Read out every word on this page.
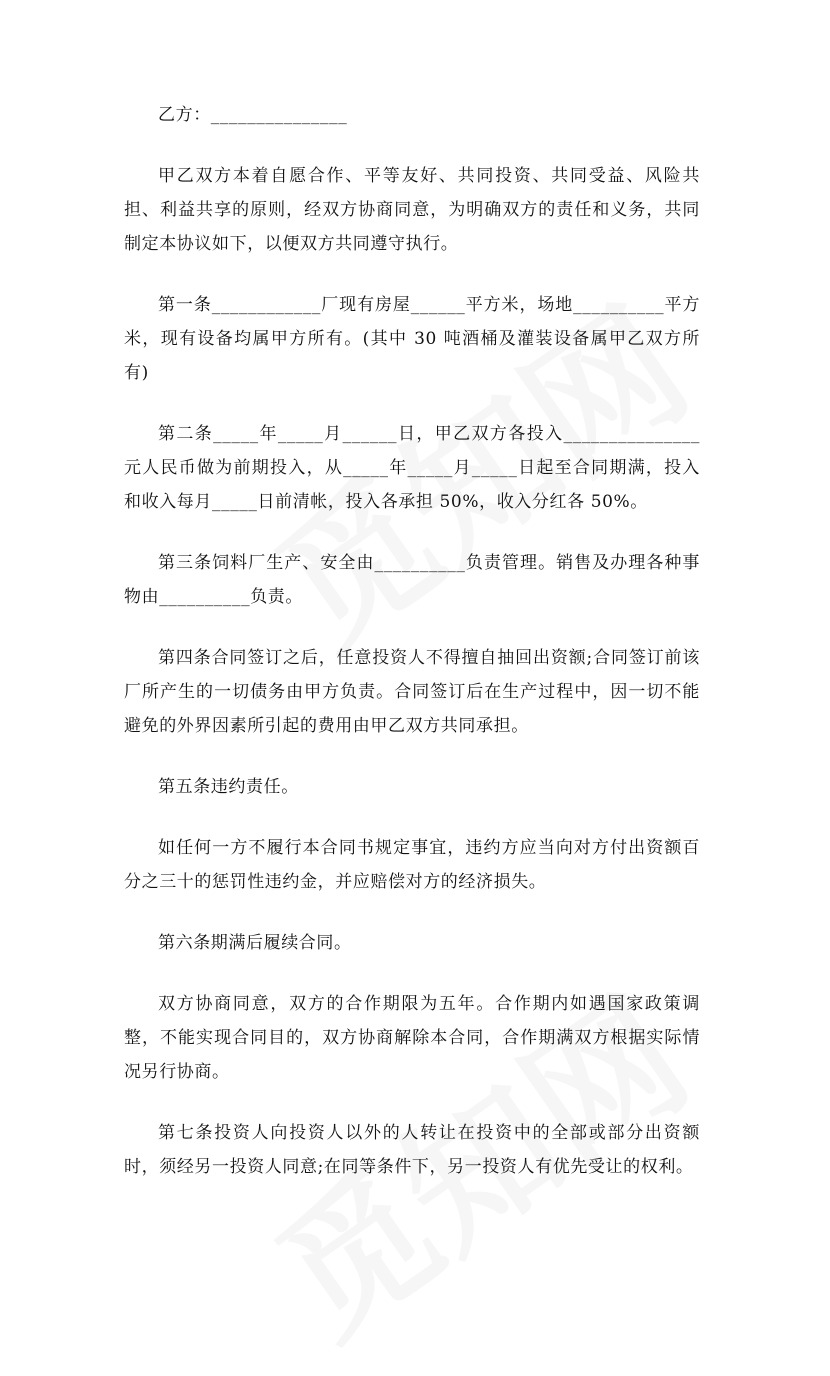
乙方：_______________

甲乙双方本着自愿合作、平等友好、共同投资、共同受益、风险共担、利益共享的原则，经双方协商同意，为明确双方的责任和义务，共同制定本协议如下，以便双方共同遵守执行。

第一条____________厂现有房屋______平方米，场地__________平方米，现有设备均属甲方所有。(其中 30 吨酒桶及灌装设备属甲乙双方所有)

第二条_____年_____月______日，甲乙双方各投入_______________元人民币做为前期投入，从_____年_____月_____日起至合同期满，投入和收入每月_____日前清帐，投入各承担 50%，收入分红各 50%。

第三条饲料厂生产、安全由__________负责管理。销售及办理各种事物由__________负责。

第四条合同签订之后，任意投资人不得擅自抽回出资额;合同签订前该厂所产生的一切债务由甲方负责。合同签订后在生产过程中，因一切不能避免的外界因素所引起的费用由甲乙双方共同承担。

第五条违约责任。

如任何一方不履行本合同书规定事宜，违约方应当向对方付出资额百分之三十的惩罚性违约金，并应赔偿对方的经济损失。

第六条期满后履续合同。

双方协商同意，双方的合作期限为五年。合作期内如遇国家政策调整，不能实现合同目的，双方协商解除本合同，合作期满双方根据实际情况另行协商。

第七条投资人向投资人以外的人转让在投资中的全部或部分出资额时，须经另一投资人同意;在同等条件下，另一投资人有优先受让的权利。
